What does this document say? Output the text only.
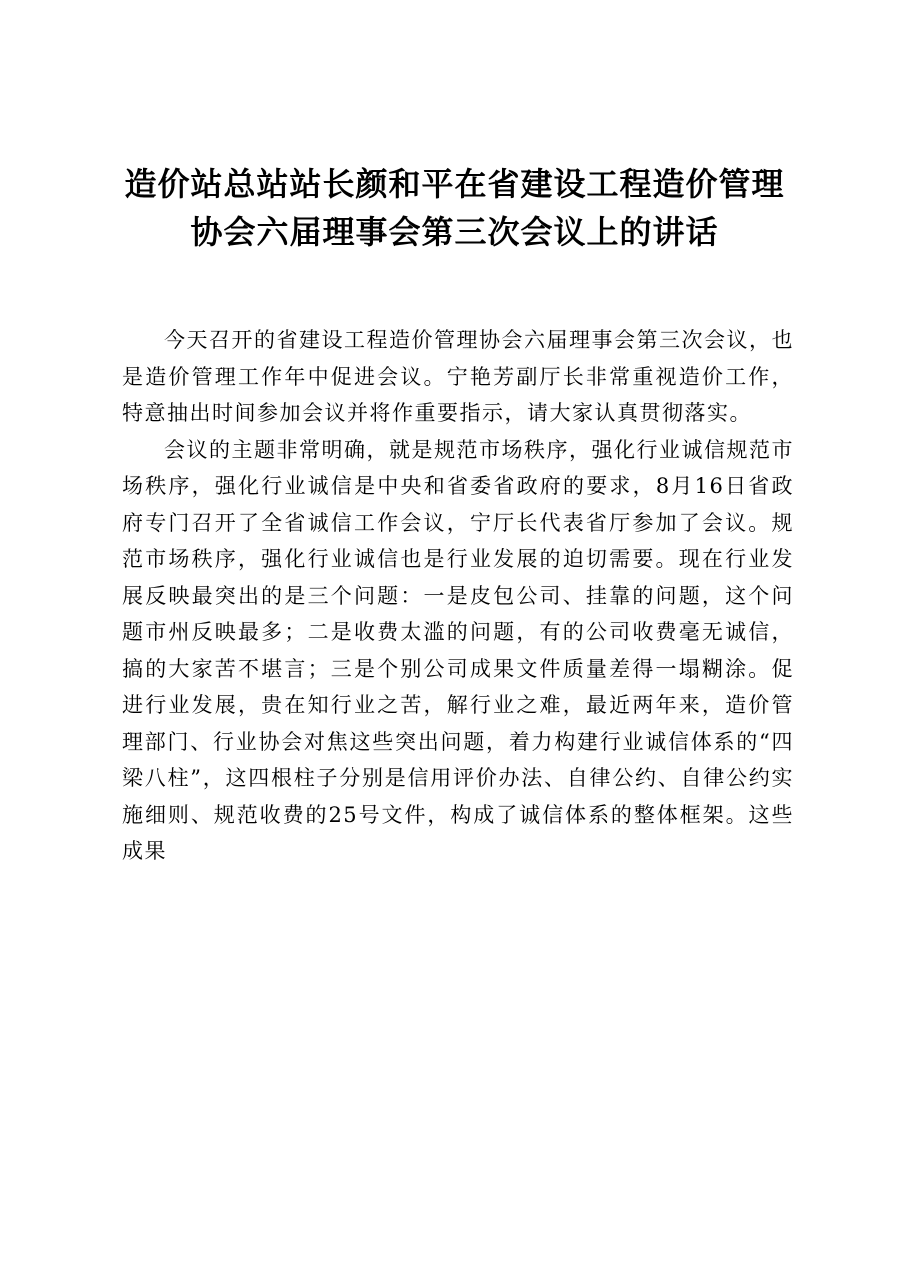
造价站总站站长颜和平在省建设工程造价管理
协会六届理事会第三次会议上的讲话

今天召开的省建设工程造价管理协会六届理事会第三次会议，也是造价管理工作年中促进会议。宁艳芳副厅长非常重视造价工作，特意抽出时间参加会议并将作重要指示，请大家认真贯彻落实。

会议的主题非常明确，就是规范市场秩序，强化行业诚信规范市场秩序，强化行业诚信是中央和省委省政府的要求，8月16日省政府专门召开了全省诚信工作会议，宁厅长代表省厅参加了会议。规范市场秩序，强化行业诚信也是行业发展的迫切需要。现在行业发展反映最突出的是三个问题：一是皮包公司、挂靠的问题，这个问题市州反映最多；二是收费太滥的问题，有的公司收费毫无诚信，搞的大家苦不堪言；三是个别公司成果文件质量差得一塌糊涂。促进行业发展，贵在知行业之苦，解行业之难，最近两年来，造价管理部门、行业协会对焦这些突出问题，着力构建行业诚信体系的“四梁八柱”，这四根柱子分别是信用评价办法、自律公约、自律公约实施细则、规范收费的25号文件，构成了诚信体系的整体框架。这些成果
